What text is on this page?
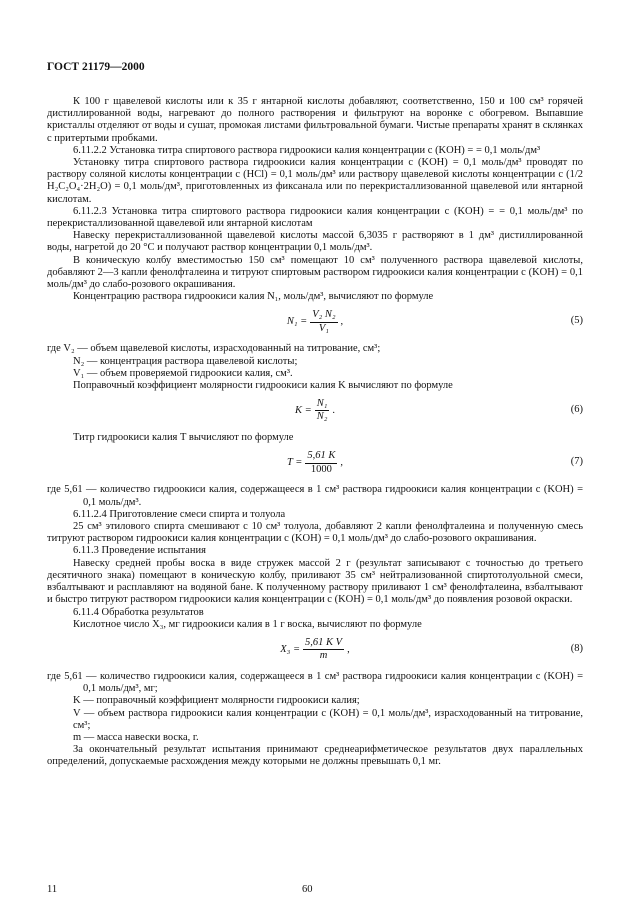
ГОСТ 21179—2000

К 100 г щавелевой кислоты или к 35 г янтарной кислоты добавляют, соответственно, 150 и 100 см³ горячей дистиллированной воды, нагревают до полного растворения и фильтруют на воронке с обогревом. Выпавшие кристаллы отделяют от воды и сушат, промокая листами фильтровальной бумаги. Чистые препараты хранят в склянках с притертыми пробками.

6.11.2.2 Установка титра спиртового раствора гидроокиси калия концентрации c (KOH) = = 0,1 моль/дм³

Установку титра спиртового раствора гидроокиси калия концентрации c (KOH) = 0,1 моль/дм³ проводят по раствору соляной кислоты концентрации c (HCl) = 0,1 моль/дм³ или раствору щавелевой кислоты концентрации c (1/2 H₂C₂O₄·2H₂O) = 0,1 моль/дм³, приготовленных из фиксанала или по перекристаллизованной щавелевой или янтарной кислотам.

6.11.2.3 Установка титра спиртового раствора гидроокиси калия концентрации c (KOH) = = 0,1 моль/дм³ по перекристаллизованной щавелевой или янтарной кислотам

Навеску перекристаллизованной щавелевой кислоты массой 6,3035 г растворяют в 1 дм³ дистиллированной воды, нагретой до 20 °С и получают раствор концентрации 0,1 моль/дм³.

В коническую колбу вместимостью 150 см³ помещают 10 см³ полученного раствора щавелевой кислоты, добавляют 2—3 капли фенолфталеина и титруют спиртовым раствором гидроокиси калия концентрации c (KOH) = 0,1 моль/дм³ до слабо-розового окрашивания.

Концентрацию раствора гидроокиси калия N₁, моль/дм³, вычисляют по формуле

$N_1 = \frac{\text{V₂ N₂}}{\text{V₁}}$ ,	(5)

где V₂ — объем щавелевой кислоты, израсходованный на титрование, см³;

N₂ — концентрация раствора щавелевой кислоты;

V₁ — объем проверяемой гидроокиси калия, см³.

Поправочный коэффициент молярности гидроокиси калия K вычисляют по формуле

$K = \frac{\text{N₁}}{\text{N₂}}$ .	(6)

Титр гидроокиси калия T вычисляют по формуле

$T = \frac{5,61 K}{1000}$ ,	(7)

где 5,61 — количество гидроокиси калия, содержащееся в 1 см³ раствора гидроокиси калия концентрации c (KOH) = 0,1 моль/дм³.

6.11.2.4 Приготовление смеси спирта и толуола

25 см³ этилового спирта смешивают с 10 см³ толуола, добавляют 2 капли фенолфталеина и полученную смесь титруют раствором гидроокиси калия концентрации c (KOH) = 0,1 моль/дм³ до слабо-розового окрашивания.

6.11.3 Проведение испытания

Навеску средней пробы воска в виде стружек массой 2 г (результат записывают с точностью до третьего десятичного знака) помещают в коническую колбу, приливают 35 см³ нейтрализованной спиртотолуольной смеси, взбалтывают и расплавляют на водяной бане. К полученному раствору приливают 1 см³ фенолфталеина, взбалтывают и быстро титруют раствором гидроокиси калия концентрации c (KOH) = 0,1 моль/дм³ до появления розовой окраски.

6.11.4 Обработка результатов

Кислотное число X₃, мг гидроокиси калия в 1 г воска, вычисляют по формуле

$X_3 = \frac{\text{5,61 K V}}{m}$ ,	(8)

где 5,61 — количество гидроокиси калия, содержащееся в 1 см³ раствора гидроокиси калия концентрации c (KOH) = 0,1 моль/дм³, мг;

K — поправочный коэффициент молярности гидроокиси калия;

V — объем раствора гидроокиси калия концентрации c (KOH) = 0,1 моль/дм³, израсходованный на титрование, см³;

m — масса навески воска, г.

За окончательный результат испытания принимают среднеарифметическое результатов двух параллельных определений, допускаемые расхождения между которыми не должны превышать 0,1 мг.

11	60
